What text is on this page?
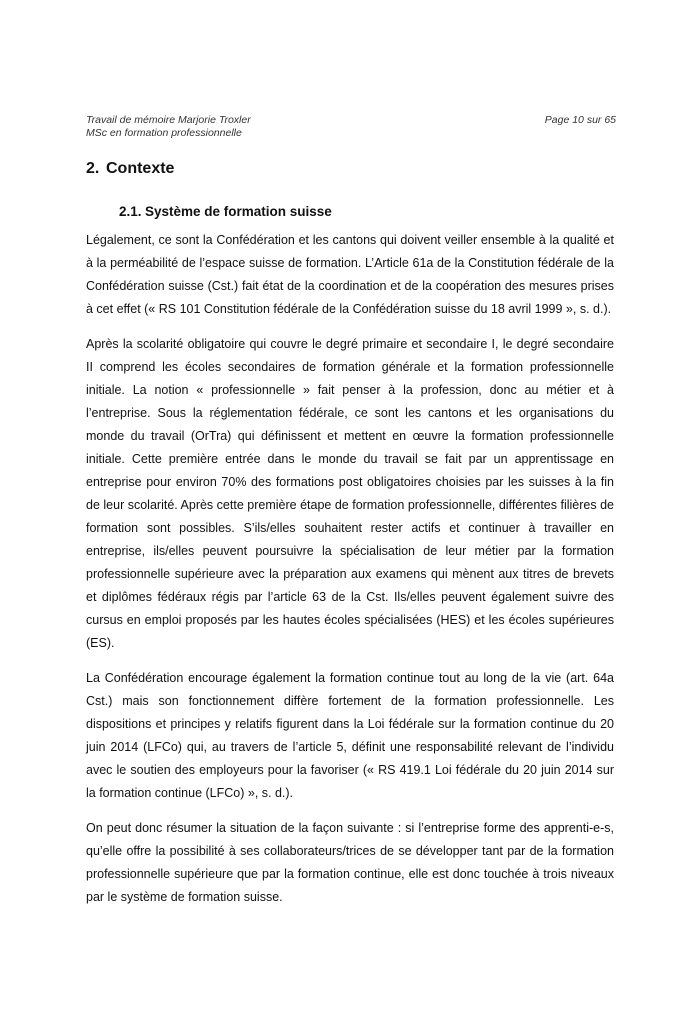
Travail de mémoire Marjorie Troxler	Page 10 sur 65
MSc en formation professionnelle
2. Contexte
2.1. Système de formation suisse

Légalement, ce sont la Confédération et les cantons qui doivent veiller ensemble à la qualité et à la perméabilité de l’espace suisse de formation. L’Article 61a de la Constitution fédérale de la Confédération suisse (Cst.) fait état de la coordination et de la coopération des mesures prises à cet effet (« RS 101 Constitution fédérale de la Confédération suisse du 18 avril 1999 », s. d.).

Après la scolarité obligatoire qui couvre le degré primaire et secondaire I, le degré secondaire II comprend les écoles secondaires de formation générale et la formation professionnelle initiale. La notion « professionnelle » fait penser à la profession, donc au métier et à l’entreprise. Sous la réglementation fédérale, ce sont les cantons et les organisations du monde du travail (OrTra) qui définissent et mettent en œuvre la formation professionnelle initiale. Cette première entrée dans le monde du travail se fait par un apprentissage en entreprise pour environ 70% des formations post obligatoires choisies par les suisses à la fin de leur scolarité. Après cette première étape de formation professionnelle, différentes filières de formation sont possibles. S’ils/elles souhaitent rester actifs et continuer à travailler en entreprise, ils/elles peuvent poursuivre la spécialisation de leur métier par la formation professionnelle supérieure avec la préparation aux examens qui mènent aux titres de brevets et diplômes fédéraux régis par l’article 63 de la Cst. Ils/elles peuvent également suivre des cursus en emploi proposés par les hautes écoles spécialisées (HES) et les écoles supérieures (ES).

La Confédération encourage également la formation continue tout au long de la vie (art. 64a Cst.) mais son fonctionnement diffère fortement de la formation professionnelle. Les dispositions et principes y relatifs figurent dans la Loi fédérale sur la formation continue du 20 juin 2014 (LFCo) qui, au travers de l’article 5, définit une responsabilité relevant de l’individu avec le soutien des employeurs pour la favoriser (« RS 419.1 Loi fédérale du 20 juin 2014 sur la formation continue (LFCo) », s. d.).

On peut donc résumer la situation de la façon suivante : si l’entreprise forme des apprenti-e-s, qu’elle offre la possibilité à ses collaborateurs/trices de se développer tant par de la formation professionnelle supérieure que par la formation continue, elle est donc touchée à trois niveaux par le système de formation suisse.
